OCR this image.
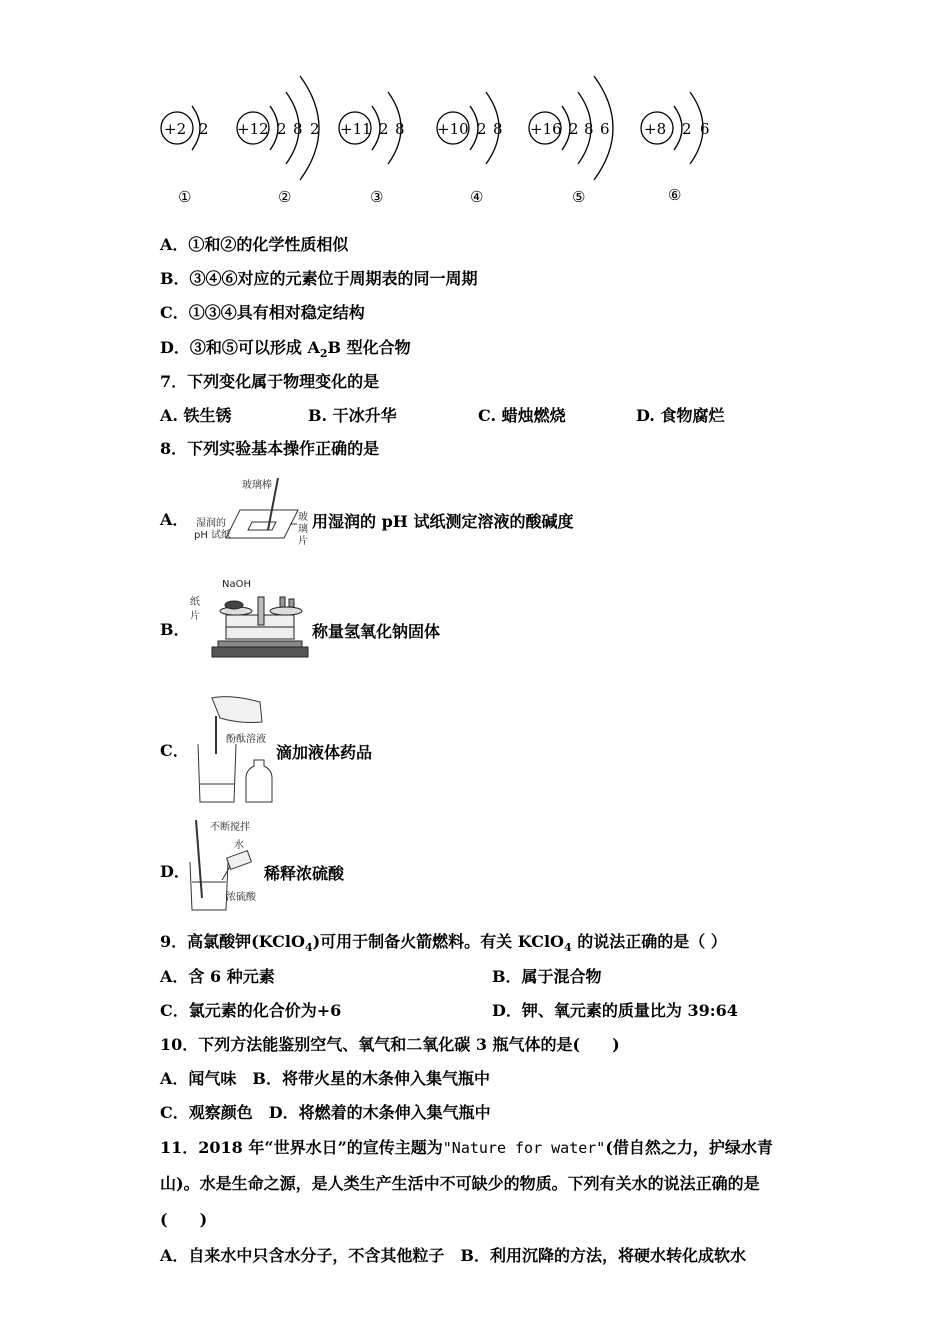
+2 2 +12 2 8 2 +11 2 8 +10 2 8 +16 2 8 6 +8 2 6
①	②	③	④	⑤	⑥
A．①和②的化学性质相似
B．③④⑥对应的元素位于周期表的同一周期
C．①③④具有相对稳定结构
D．③和⑤可以形成 $A_2B$ 型化合物
7．下列变化属于物理变化的是
A. 铁生锈	B. 干冰升华	C. 蜡烛燃烧	D. 食物腐烂
8．下列实验基本操作正确的是
A．
玻璃棒
湿润的
pH 试纸
玻
璃
片
用湿润的 pH 试纸测定溶液的酸碱度
B．
NaOH
纸
片
称量氢氧化钠固体
C．
酚酞溶液
滴加液体药品
D．
不断搅拌
水
浓硫酸
稀释浓硫酸
9．高氯酸钾(KClO$_4$)可用于制备火箭燃料。有关 KClO$_4$ 的说法正确的是（ ）
A．含 6 种元素	B．属于混合物
C．氯元素的化合价为+6	D．钾、氧元素的质量比为 39:64
10．下列方法能鉴别空气、氧气和二氧化碳 3 瓶气体的是(　　)
A．闻气味　B．将带火星的木条伸入集气瓶中
C．观察颜色　D．将燃着的木条伸入集气瓶中
11．2018 年“世界水日”的宣传主题为"Nature for water"(借自然之力，护绿水青
山)。水是生命之源，是人类生产生活中不可缺少的物质。下列有关水的说法正确的是
(　　)
A．自来水中只含水分子，不含其他粒子　B．利用沉降的方法，将硬水转化成软水
